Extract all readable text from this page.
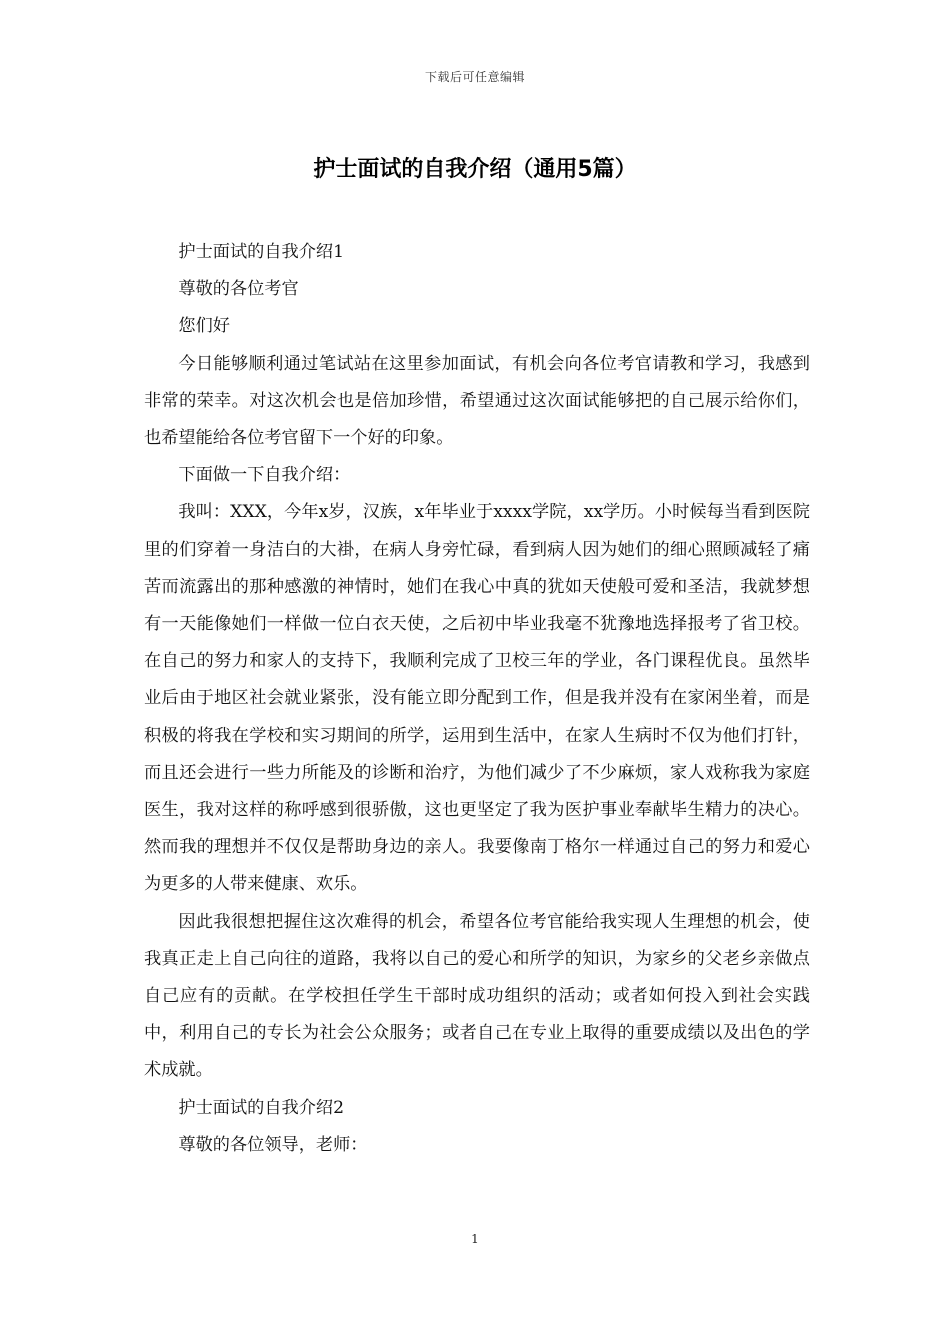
下载后可任意编辑
护士面试的自我介绍（通用5篇）

护士面试的自我介绍1

尊敬的各位考官

您们好

今日能够顺利通过笔试站在这里参加面试，有机会向各位考官请教和学习，我感到非常的荣幸。对这次机会也是倍加珍惜，希望通过这次面试能够把的自己展示给你们，也希望能给各位考官留下一个好的印象。

下面做一下自我介绍：

我叫：XXX，今年x岁，汉族，x年毕业于xxxx学院，xx学历。小时候每当看到医院里的们穿着一身洁白的大褂，在病人身旁忙碌，看到病人因为她们的细心照顾减轻了痛苦而流露出的那种感激的神情时，她们在我心中真的犹如天使般可爱和圣洁，我就梦想有一天能像她们一样做一位白衣天使，之后初中毕业我毫不犹豫地选择报考了省卫校。在自己的努力和家人的支持下，我顺利完成了卫校三年的学业，各门课程优良。虽然毕业后由于地区社会就业紧张，没有能立即分配到工作，但是我并没有在家闲坐着，而是积极的将我在学校和实习期间的所学，运用到生活中，在家人生病时不仅为他们打针，而且还会进行一些力所能及的诊断和治疗，为他们减少了不少麻烦，家人戏称我为家庭医生，我对这样的称呼感到很骄傲，这也更坚定了我为医护事业奉献毕生精力的决心。然而我的理想并不仅仅是帮助身边的亲人。我要像南丁格尔一样通过自己的努力和爱心为更多的人带来健康、欢乐。

因此我很想把握住这次难得的机会，希望各位考官能给我实现人生理想的机会，使我真正走上自己向往的道路，我将以自己的爱心和所学的知识，为家乡的父老乡亲做点自己应有的贡献。在学校担任学生干部时成功组织的活动；或者如何投入到社会实践中，利用自己的专长为社会公众服务；或者自己在专业上取得的重要成绩以及出色的学术成就。

护士面试的自我介绍2

尊敬的各位领导，老师：

1
